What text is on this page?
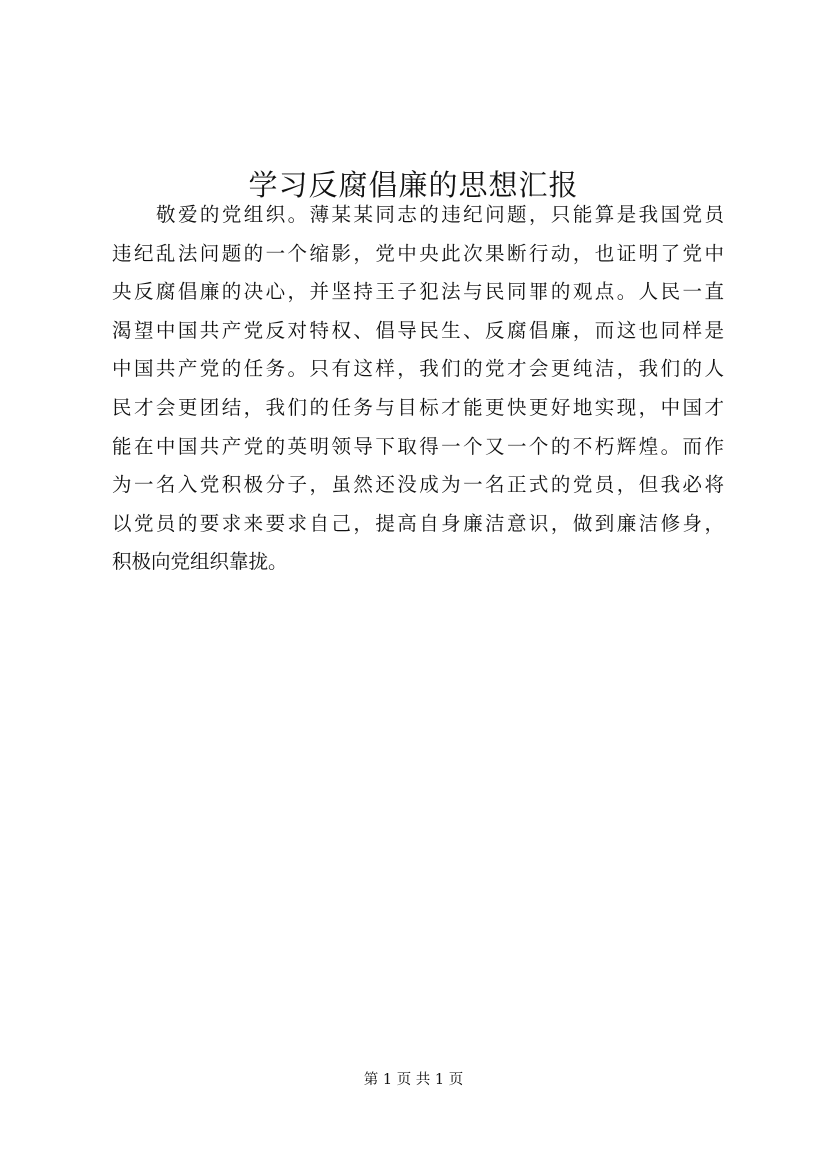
学习反腐倡廉的思想汇报
敬爱的党组织。薄某某同志的违纪问题，只能算是我国党员
违纪乱法问题的一个缩影，党中央此次果断行动，也证明了党中
央反腐倡廉的决心，并坚持王子犯法与民同罪的观点。人民一直
渴望中国共产党反对特权、倡导民生、反腐倡廉，而这也同样是
中国共产党的任务。只有这样，我们的党才会更纯洁，我们的人
民才会更团结，我们的任务与目标才能更快更好地实现，中国才
能在中国共产党的英明领导下取得一个又一个的不朽辉煌。而作
为一名入党积极分子，虽然还没成为一名正式的党员，但我必将
以党员的要求来要求自己，提高自身廉洁意识，做到廉洁修身，
积极向党组织靠拢。
第 1 页 共 1 页
